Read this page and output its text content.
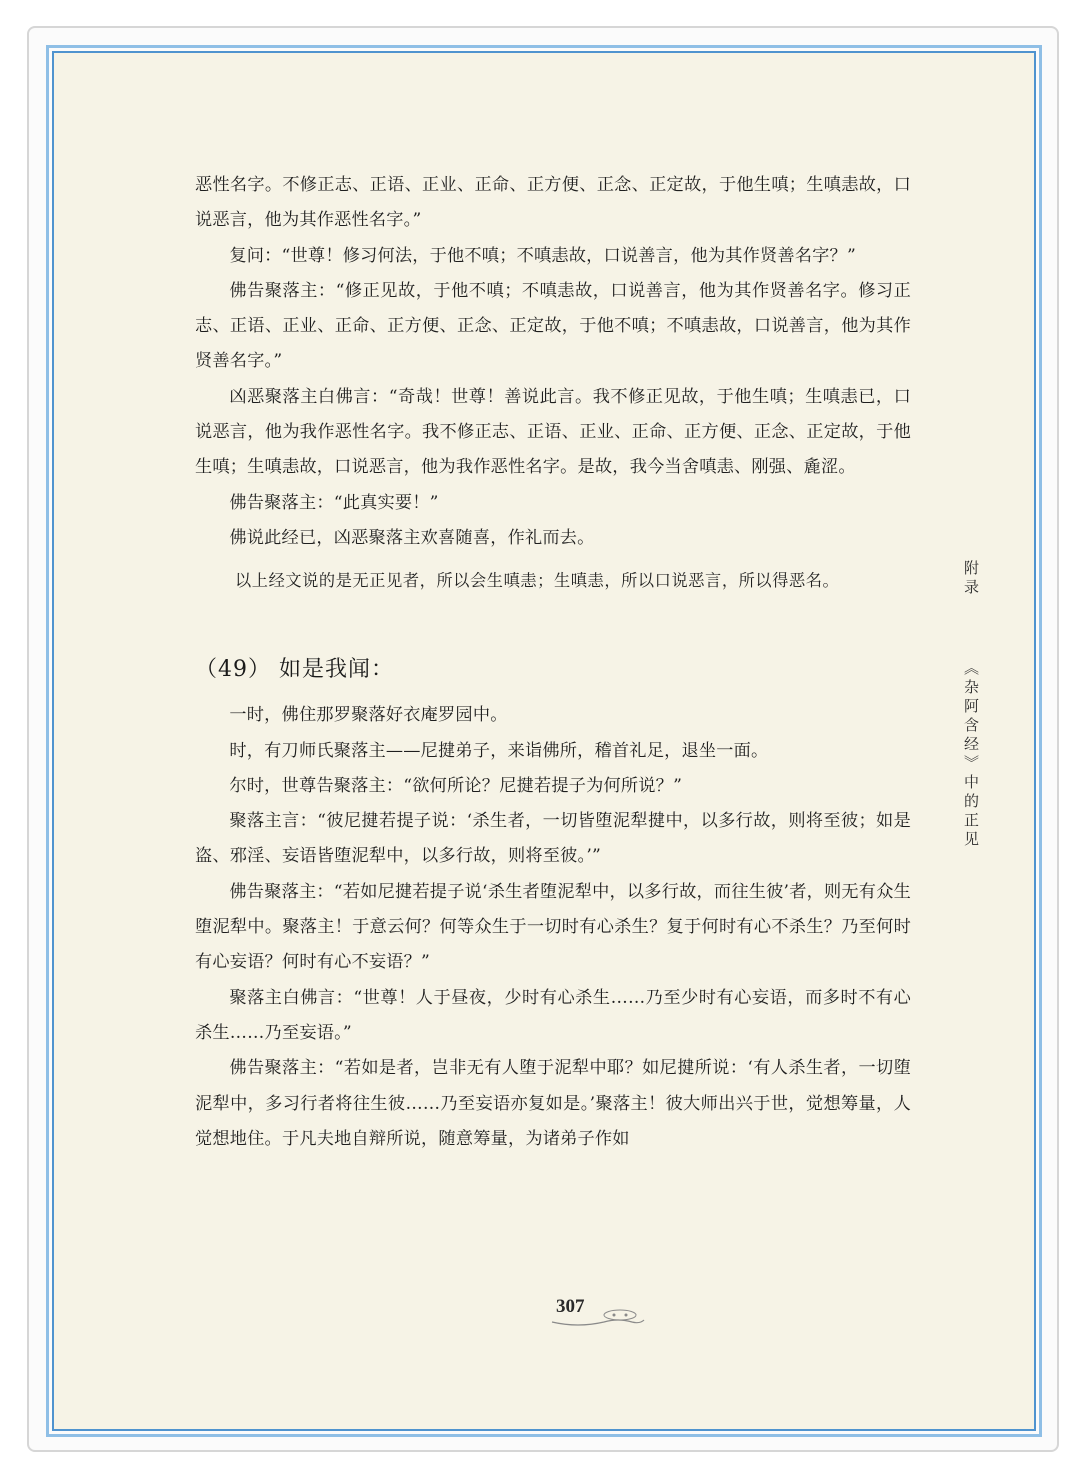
恶性名字。不修正志、正语、正业、正命、正方便、正念、正定故，于他生嗔；生嗔恚故，口说恶言，他为其作恶性名字。”

复问：“世尊！修习何法，于他不嗔；不嗔恚故，口说善言，他为其作贤善名字？”

佛告聚落主：“修正见故，于他不嗔；不嗔恚故，口说善言，他为其作贤善名字。修习正志、正语、正业、正命、正方便、正念、正定故，于他不嗔；不嗔恚故，口说善言，他为其作贤善名字。”

凶恶聚落主白佛言：“奇哉！世尊！善说此言。我不修正见故，于他生嗔；生嗔恚已，口说恶言，他为我作恶性名字。我不修正志、正语、正业、正命、正方便、正念、正定故，于他生嗔；生嗔恚故，口说恶言，他为我作恶性名字。是故，我今当舍嗔恚、刚强、麁涩。

佛告聚落主：“此真实要！”

佛说此经已，凶恶聚落主欢喜随喜，作礼而去。

以上经文说的是无正见者，所以会生嗔恚；生嗔恚，所以口说恶言，所以得恶名。

（49） 如是我闻：

一时，佛住那罗聚落好衣庵罗园中。

时，有刀师氏聚落主——尼揵弟子，来诣佛所，稽首礼足，退坐一面。

尔时，世尊告聚落主：“欲何所论？尼揵若提子为何所说？”

聚落主言：“彼尼揵若提子说：‘杀生者，一切皆堕泥犁揵中，以多行故，则将至彼；如是盗、邪淫、妄语皆堕泥犁中，以多行故，则将至彼。’”

佛告聚落主：“若如尼揵若提子说‘杀生者堕泥犁中，以多行故，而往生彼’者，则无有众生堕泥犁中。聚落主！于意云何？何等众生于一切时有心杀生？复于何时有心不杀生？乃至何时有心妄语？何时有心不妄语？”

聚落主白佛言：“世尊！人于昼夜，少时有心杀生……乃至少时有心妄语，而多时不有心杀生……乃至妄语。”

佛告聚落主：“若如是者，岂非无有人堕于泥犁中耶？如尼揵所说：‘有人杀生者，一切堕泥犁中，多习行者将往生彼……乃至妄语亦复如是。’聚落主！彼大师出兴于世，觉想筹量，人觉想地住。于凡夫地自辩所说，随意筹量，为诸弟子作如

附录《杂阿含经》中的正见
307
